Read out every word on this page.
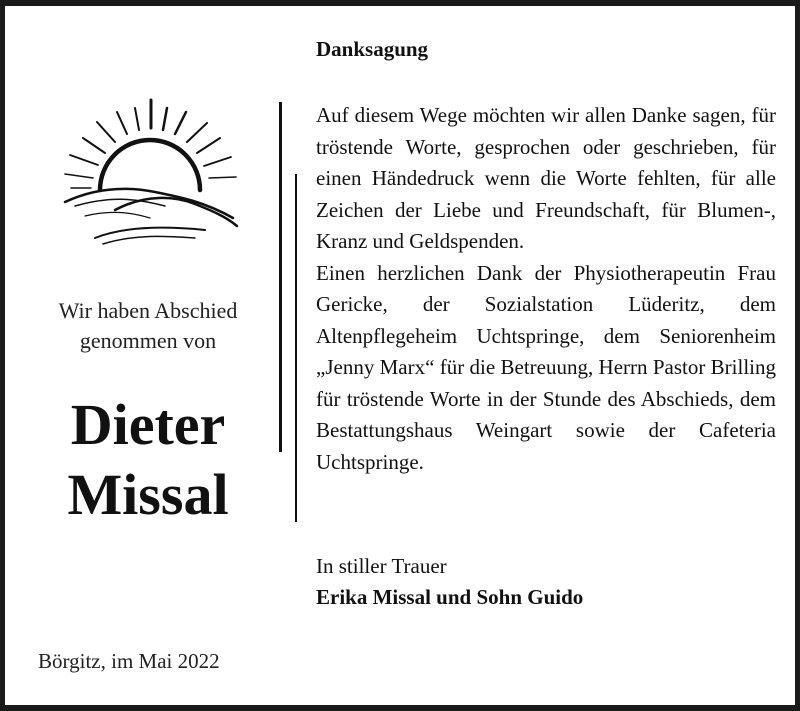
Wir haben Abschied
genommen von
Dieter
Missal
Börgitz, im Mai 2022
Danksagung

Auf diesem Wege möchten wir allen Danke sagen, für tröstende Worte, gesprochen oder geschrieben, für einen Händedruck wenn die Worte fehlten, für alle Zeichen der Liebe und Freundschaft, für Blumen-, Kranz und Geldspenden.

Einen herzlichen Dank der Physiotherapeutin Frau Gericke, der Sozialstation Lüderitz, dem Altenpflegeheim Uchtspringe, dem Seniorenheim „Jenny Marx“ für die Betreuung, Herrn Pastor Brilling für tröstende Worte in der Stunde des Abschieds, dem Bestattungshaus Weingart sowie der Cafeteria Uchtspringe.

In stiller Trauer
Erika Missal und Sohn Guido
